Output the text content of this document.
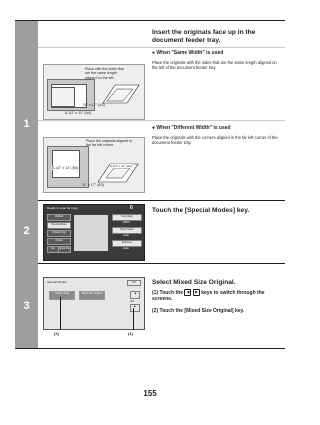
1
Insert the originals face up in the document feeder tray.
● When "Same Width" is used
Place the originals with the sides that are the same length aligned on the left of the document feeder tray.
Place with the sides that are the same length aligned on the left.
11" x 17" (A3)
8-1/2" x 11" (A4)
● When "Different Width" is used
Place the originals with the corners aligned in the far left corner of the document feeder tray.
Place the originals aligned to the far left corner.
8-1/2" x 14" (B4)	8-1/2" x 11" (A4)
11" x 17" (A3)
2
Touch the [Special Modes] key.
Ready to scan for copy.	0
Original
Special Modes
2-Sided Copy
Output
File	Quick File
Copy Ratio
100%
Paper Select
Auto
Exposure
Auto
3
Select Mixed Size Original.
(1) Touch the ◀ ▶ keys to switch through the screens.
(2) Touch the [Mixed Size Original] key.
Special Modes	OK
Tandem Copy	Mixed Size Original
3/4
◀
▶
(2)	(1)
155
